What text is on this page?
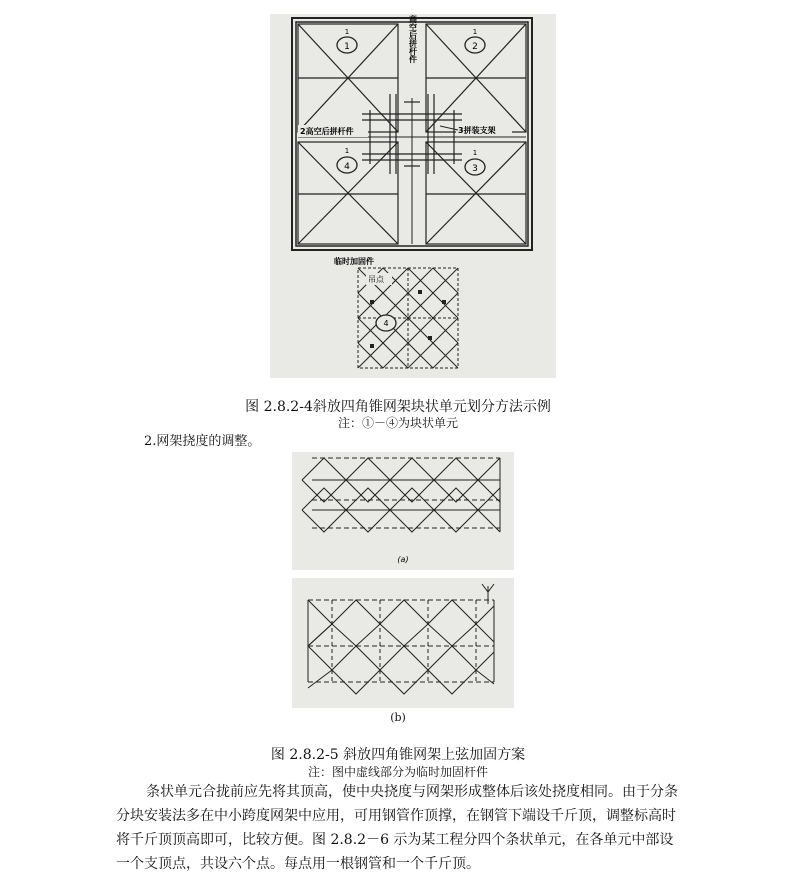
1	2
4	3
1	1
1	1
2高空后拼杆件
2高空后拼杆件	3拼装支架
临时加固件
吊点
4
图 2.8.2-4斜放四角锥网架块状单元划分方法示例
注：①－④为块状单元
2.网架挠度的调整。
(a)
(b)
图 2.8.2-5 斜放四角锥网架上弦加固方案
注：图中虚线部分为临时加固杆件
条状单元合拢前应先将其顶高，使中央挠度与网架形成整体后该处挠度相同。由于分条
分块安装法多在中小跨度网架中应用，可用钢管作顶撑，在钢管下端设千斤顶，调整标高时
将千斤顶顶高即可，比较方便。图 2.8.2－6 示为某工程分四个条状单元，在各单元中部设
一个支顶点，共设六个点。每点用一根钢管和一个千斤顶。
